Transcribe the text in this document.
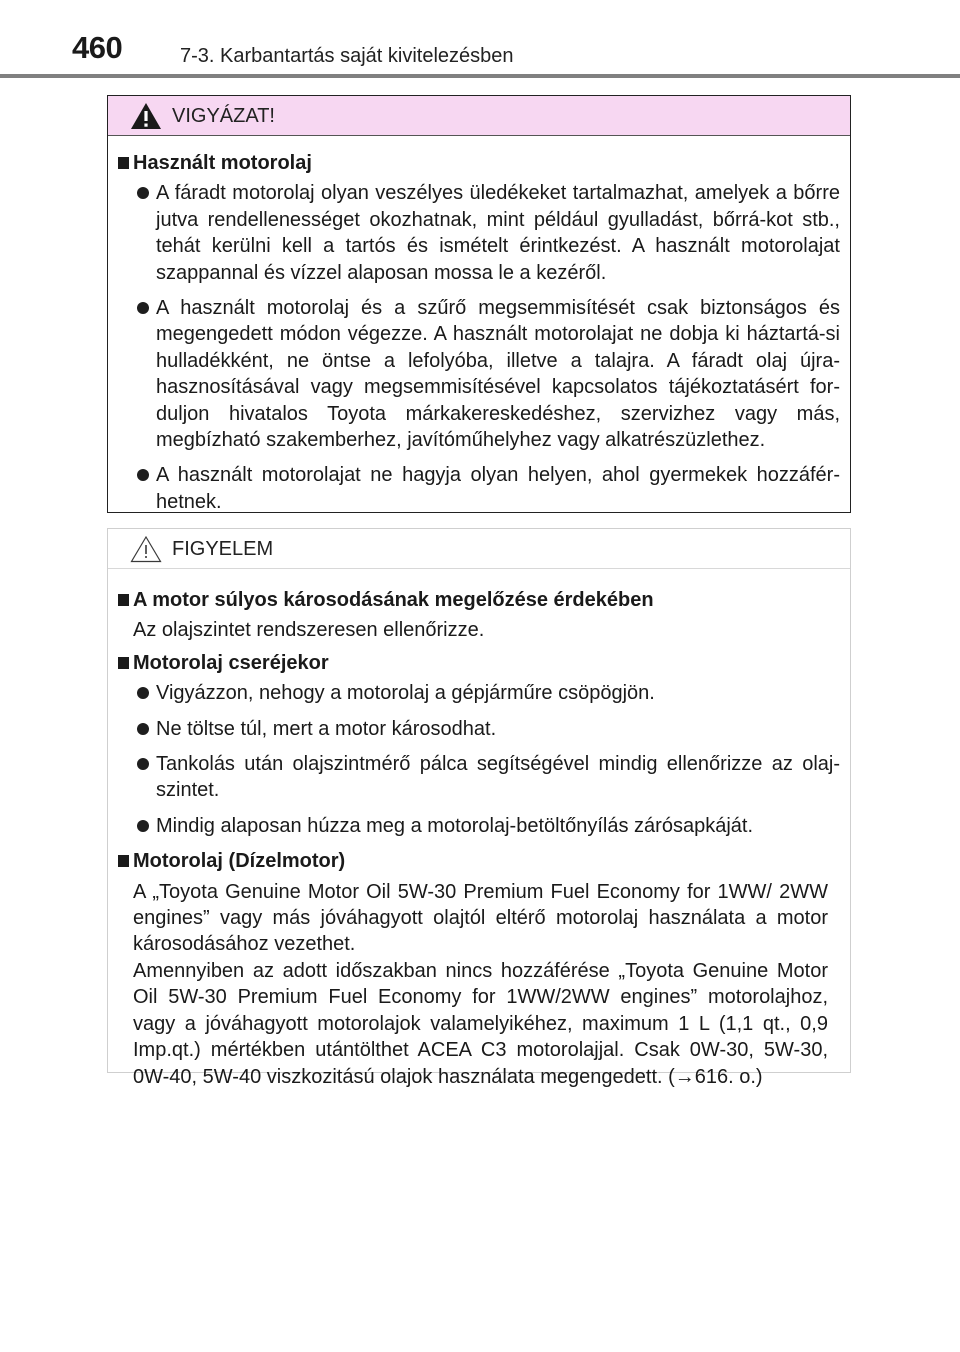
460	7-3. Karbantartás saját kivitelezésben
VIGYÁZAT!
Használt motorolaj
A fáradt motorolaj olyan veszélyes üledékeket tartalmazhat, amelyek a bőrre jutva rendellenességet okozhatnak, mint például gyulladást, bőrrá-kot stb., tehát kerülni kell a tartós és ismételt érintkezést. A használt motorolajat szappannal és vízzel alaposan mossa le a kezéről.
A használt motorolaj és a szűrő megsemmisítését csak biztonságos és megengedett módon végezze. A használt motorolajat ne dobja ki háztartá-si hulladékként, ne öntse a lefolyóba, illetve a talajra. A fáradt olaj újra-hasznosításával vagy megsemmisítésével kapcsolatos tájékoztatásért for-duljon hivatalos Toyota márkakereskedéshez, szervizhez vagy más, megbízható szakemberhez, javítóműhelyhez vagy alkatrészüzlethez.
A használt motorolajat ne hagyja olyan helyen, ahol gyermekek hozzáfér-hetnek.
FIGYELEM
A motor súlyos károsodásának megelőzése érdekében
Az olajszintet rendszeresen ellenőrizze.
Motorolaj cseréjekor
Vigyázzon, nehogy a motorolaj a gépjárműre csöpögjön.
Ne töltse túl, mert a motor károsodhat.
Tankolás után olajszintmérő pálca segítségével mindig ellenőrizze az olaj-szintet.
Mindig alaposan húzza meg a motorolaj-betöltőnyílás zárósapkáját.
Motorolaj (Dízelmotor)
A „Toyota Genuine Motor Oil 5W-30 Premium Fuel Economy for 1WW/ 2WW engines” vagy más jóváhagyott olajtól eltérő motorolaj használata a motor károsodásához vezethet.
Amennyiben az adott időszakban nincs hozzáférése „Toyota Genuine Motor Oil 5W-30 Premium Fuel Economy for 1WW/2WW engines” motorolajhoz, vagy a jóváhagyott motorolajok valamelyikéhez, maximum 1 L (1,1 qt., 0,9 Imp.qt.) mértékben utántölthet ACEA C3 motorolajjal. Csak 0W-30, 5W-30, 0W-40, 5W-40 viszkozitású olajok használata megengedett. (→616. o.)
